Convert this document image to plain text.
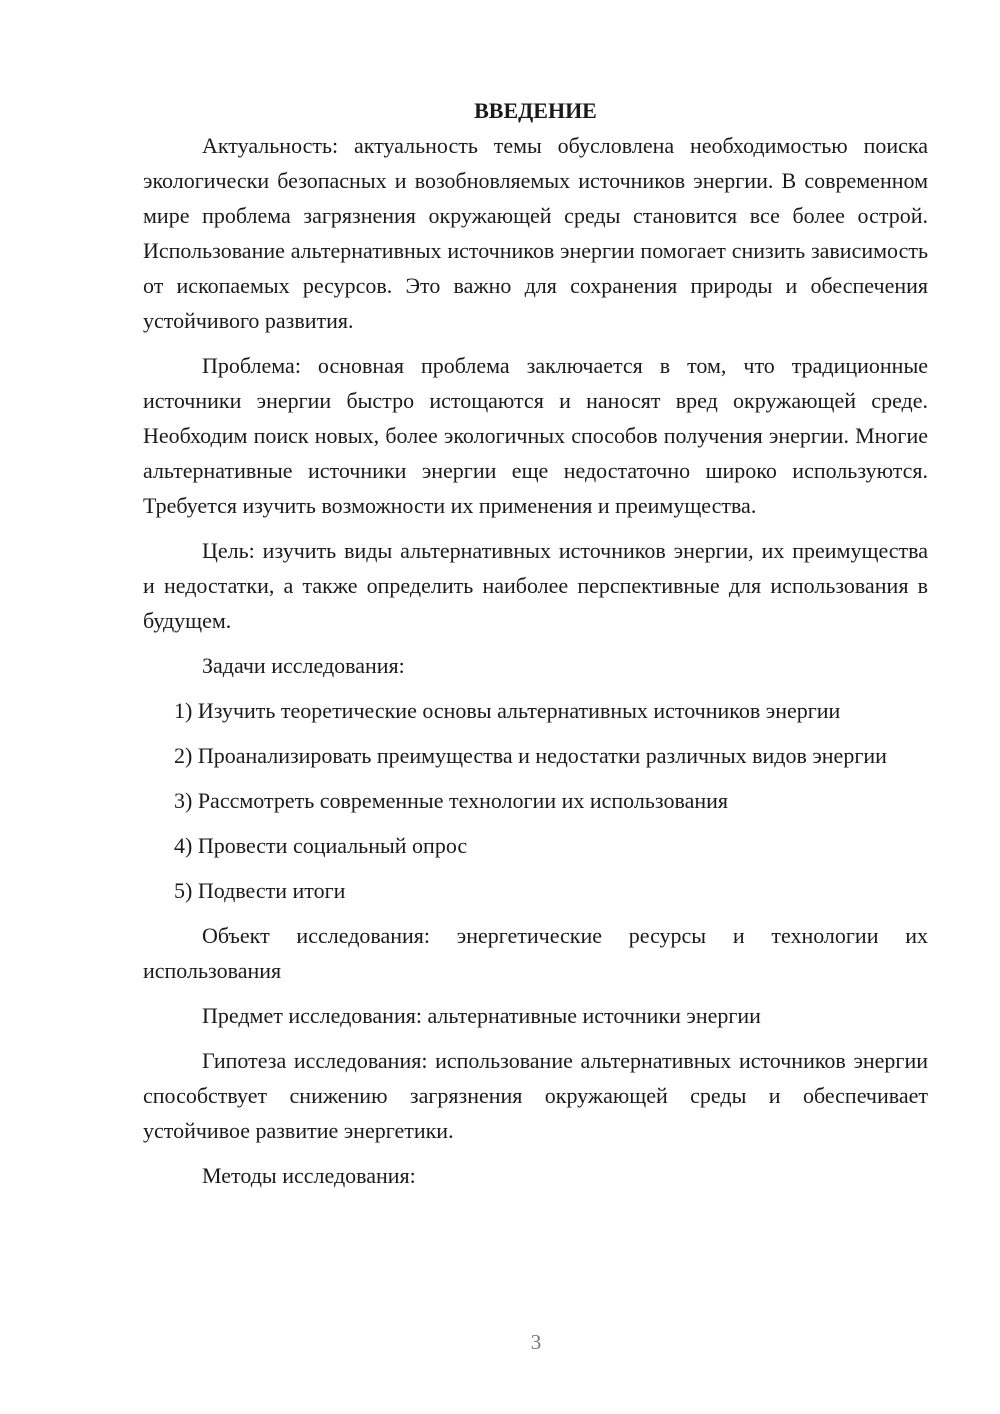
ВВЕДЕНИЕ

Актуальность: актуальность темы обусловлена необходимостью поиска экологически безопасных и возобновляемых источников энергии. В современном мире проблема загрязнения окружающей среды становится все более острой. Использование альтернативных источников энергии помогает снизить зависимость от ископаемых ресурсов. Это важно для сохранения природы и обеспечения устойчивого развития.

Проблема: основная проблема заключается в том, что традиционные источники энергии быстро истощаются и наносят вред окружающей среде. Необходим поиск новых, более экологичных способов получения энергии. Многие альтернативные источники энергии еще недостаточно широко используются. Требуется изучить возможности их применения и преимущества.

Цель: изучить виды альтернативных источников энергии, их преимущества и недостатки, а также определить наиболее перспективные для использования в будущем.

Задачи исследования:

1) Изучить теоретические основы альтернативных источников энергии

2) Проанализировать преимущества и недостатки различных видов энергии

3) Рассмотреть современные технологии их использования

4) Провести социальный опрос

5) Подвести итоги

Объект исследования: энергетические ресурсы и технологии их использования

Предмет исследования: альтернативные источники энергии

Гипотеза исследования: использование альтернативных источников энергии способствует снижению загрязнения окружающей среды и обеспечивает устойчивое развитие энергетики.

Методы исследования:

3
